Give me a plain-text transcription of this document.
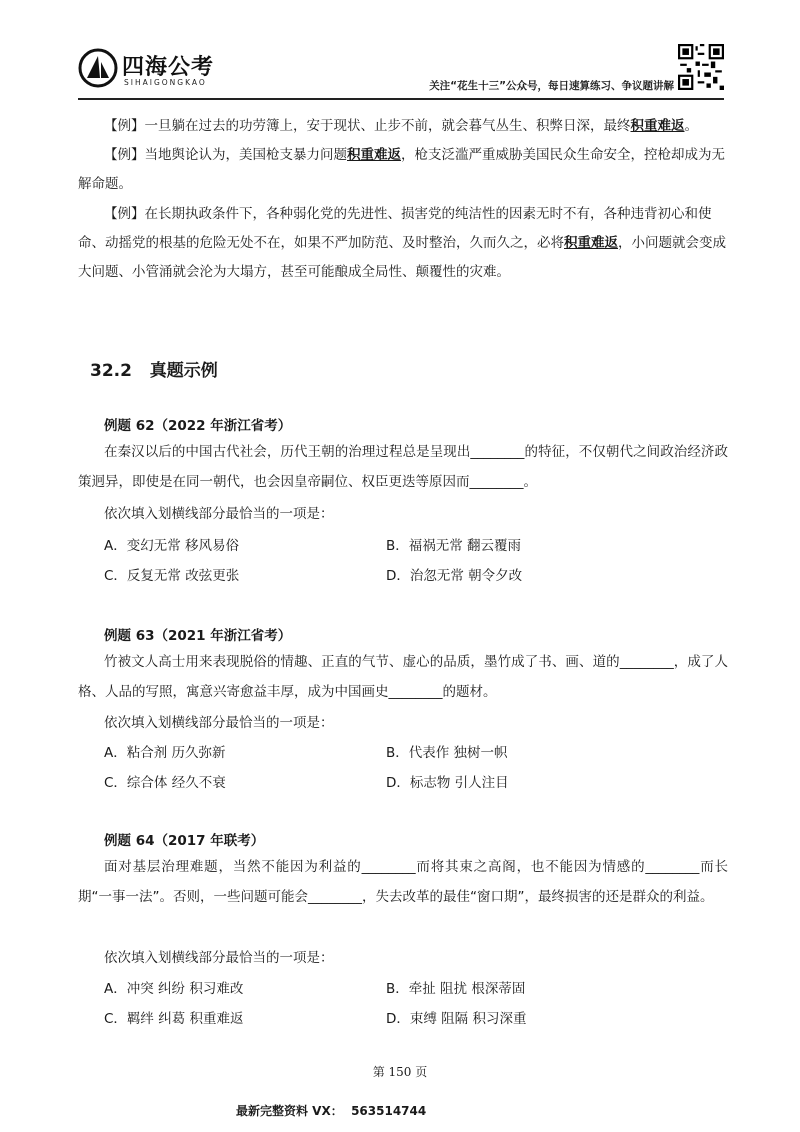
四海公考
SIHAIGONGKAO	关注“花生十三”公众号，每日速算练习、争议题讲解
【例】一旦躺在过去的功劳簿上，安于现状、止步不前，就会暮气丛生、积弊日深，最终积重难返。
【例】当地舆论认为，美国枪支暴力问题积重难返，枪支泛滥严重威胁美国民众生命安全，控枪却成为无解命题。
【例】在长期执政条件下，各种弱化党的先进性、损害党的纯洁性的因素无时不有，各种违背初心和使命、动摇党的根基的危险无处不在，如果不严加防范、及时整治，久而久之，必将积重难返，小问题就会变成大问题、小管涌就会沦为大塌方，甚至可能酿成全局性、颠覆性的灾难。
32.2   真题示例
例题 62（2022 年浙江省考）
在秦汉以后的中国古代社会，历代王朝的治理过程总是呈现出________的特征，不仅朝代之间政治经济政策迥异，即使是在同一朝代，也会因皇帝嗣位、权臣更迭等原因而________。
依次填入划横线部分最恰当的一项是：
A．变幻无常 移风易俗	B．福祸无常 翻云覆雨
C．反复无常 改弦更张	D．治忽无常 朝令夕改
例题 63（2021 年浙江省考）
竹被文人高士用来表现脱俗的情趣、正直的气节、虚心的品质，墨竹成了书、画、道的________，成了人格、人品的写照，寓意兴寄愈益丰厚，成为中国画史________的题材。
依次填入划横线部分最恰当的一项是：
A．粘合剂 历久弥新	B．代表作 独树一帜
C．综合体 经久不衰	D．标志物 引人注目
例题 64（2017 年联考）
面对基层治理难题，当然不能因为利益的________而将其束之高阁，也不能因为情感的________而长期“一事一法”。否则，一些问题可能会________，失去改革的最佳“窗口期”，最终损害的还是群众的利益。
依次填入划横线部分最恰当的一项是：
A．冲突 纠纷 积习难改	B．牵扯 阻扰 根深蒂固
C．羁绊 纠葛 积重难返	D．束缚 阻隔 积习深重
第 150 页
最新完整资料 VX：  563514744
